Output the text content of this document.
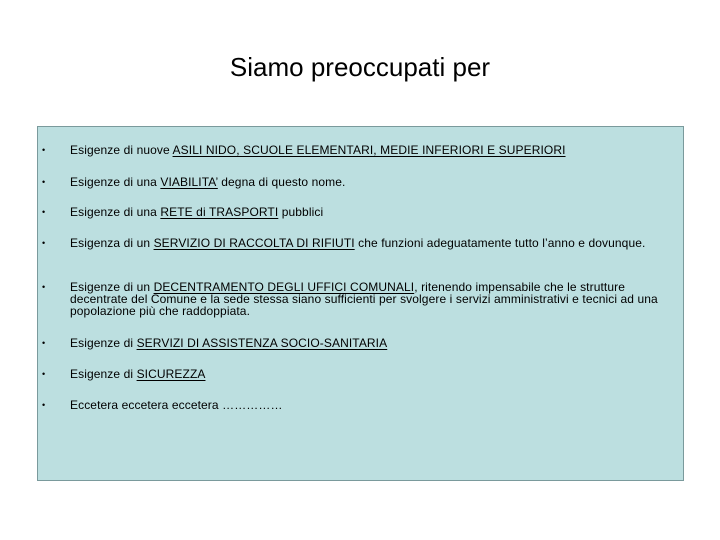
Siamo preoccupati per
• Esigenze di nuove ASILI NIDO, SCUOLE ELEMENTARI, MEDIE INFERIORI E SUPERIORI
• Esigenze di una VIABILITA’ degna di questo nome.
• Esigenze di una RETE di TRASPORTI pubblici
• Esigenza di un SERVIZIO DI RACCOLTA DI RIFIUTI che funzioni adeguatamente tutto l’anno e dovunque.
• Esigenze di un DECENTRAMENTO DEGLI UFFICI COMUNALI, ritenendo impensabile che le strutture decentrate del Comune e la sede stessa siano sufficienti per svolgere i servizi amministrativi e tecnici ad una popolazione più che raddoppiata.
• Esigenze di SERVIZI DI ASSISTENZA SOCIO-SANITARIA
• Esigenze di SICUREZZA
• Eccetera eccetera eccetera ……………
